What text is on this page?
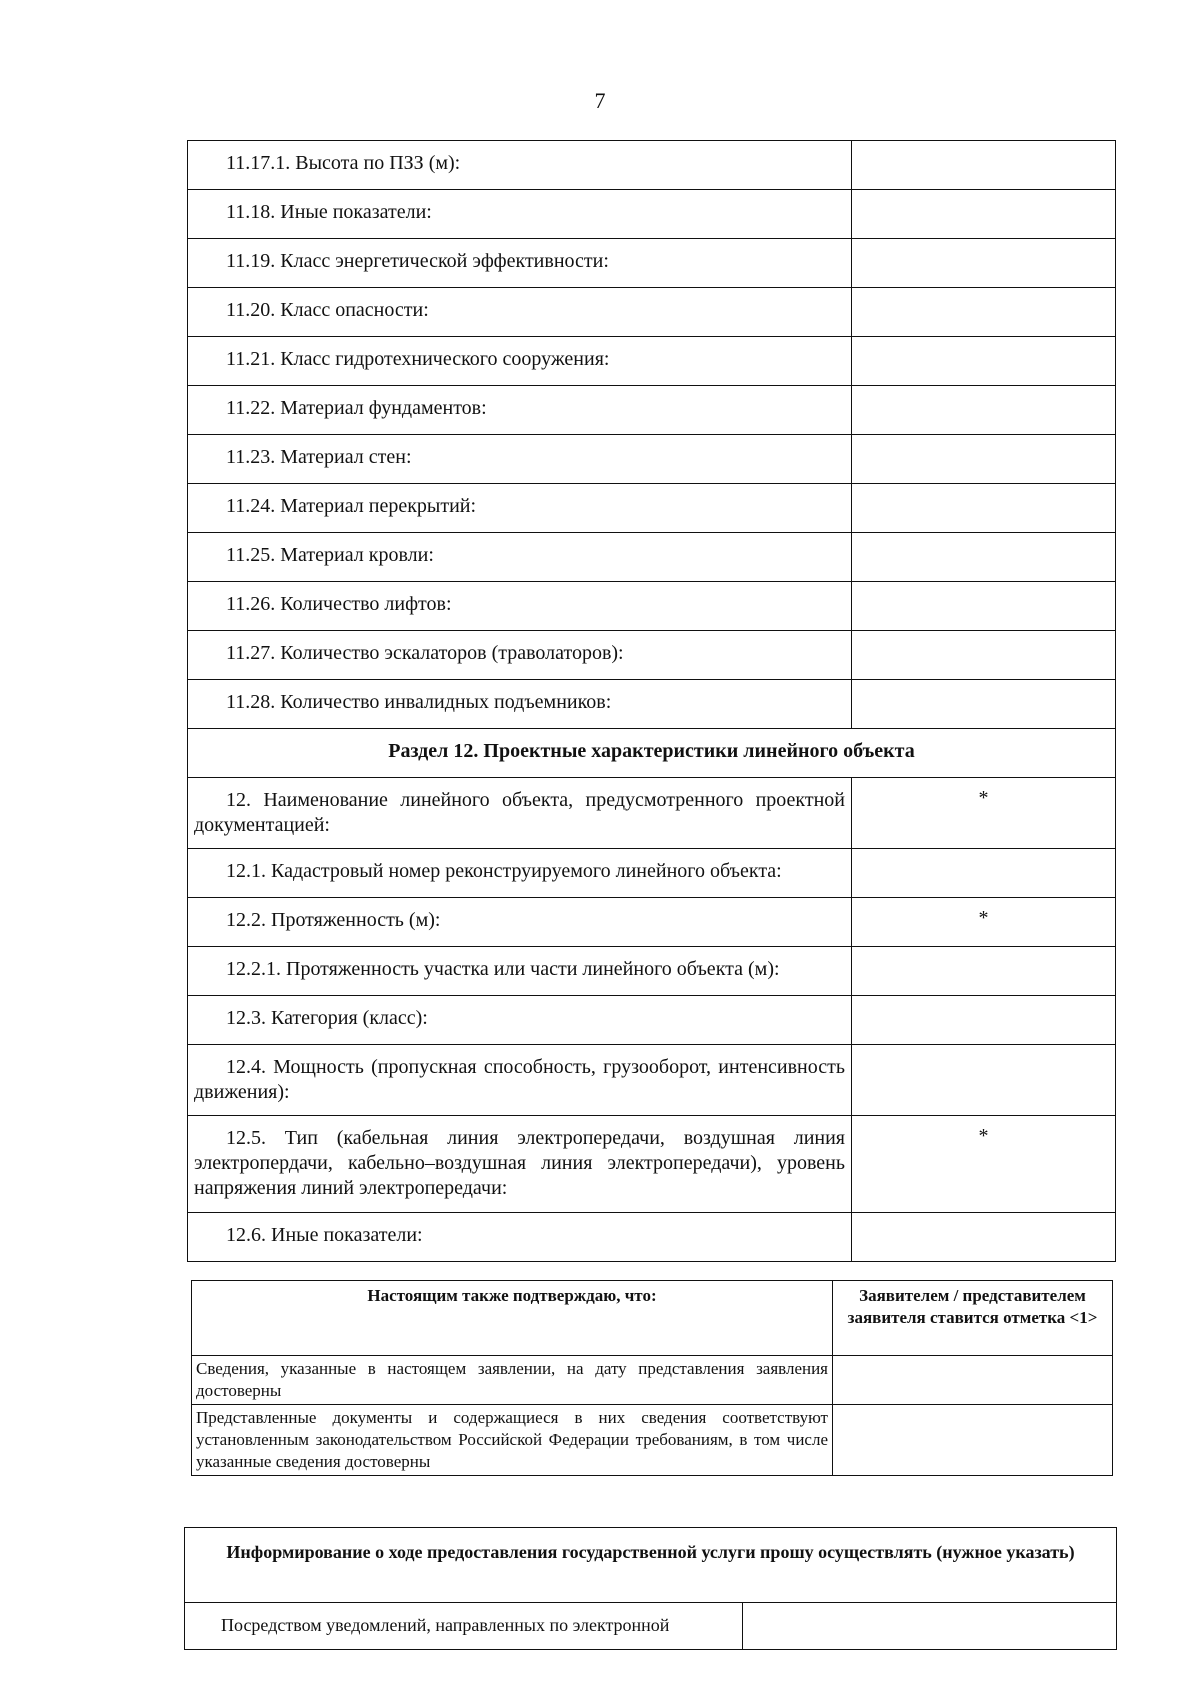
7
11.17.1. Высота по ПЗЗ (м):	

11.18. Иные показатели:	

11.19. Класс энергетической эффективности:	

11.20. Класс опасности:	

11.21. Класс гидротехнического сооружения:	

11.22. Материал фундаментов:	

11.23. Материал стен:	

11.24. Материал перекрытий:	

11.25. Материал кровли:	

11.26. Количество лифтов:	

11.27. Количество эскалаторов (траволаторов):	

11.28. Количество инвалидных подъемников:	

Раздел 12. Проектные характеристики линейного объекта	

12. Наименование линейного объекта, предусмотренного проектной документацией:	*

12.1. Кадастровый номер реконструируемого линейного объекта:	

12.2. Протяженность (м):	*

12.2.1. Протяженность участка или части линейного объекта (м):	

12.3. Категория (класс):	

12.4. Мощность (пропускная способность, грузооборот, интенсивность движения):	

12.5. Тип (кабельная линия электропередачи, воздушная линия электропердачи, кабельно–воздушная линия электропередачи), уровень напряжения линий электропередачи:	*

12.6. Иные показатели:	

Настоящим также подтверждаю, что:	Заявителем / представителем заявителя ставится отметка <1>
Сведения, указанные в настоящем заявлении, на дату представления заявления достоверны	
Представленные документы и содержащиеся в них сведения соответствуют установленным законодательством Российской Федерации требованиям, в том числе указанные сведения достоверны	
Информирование о ходе предоставления государственной услуги прошу осуществлять (нужное указать)
Посредством уведомлений, направленных по электронной	
